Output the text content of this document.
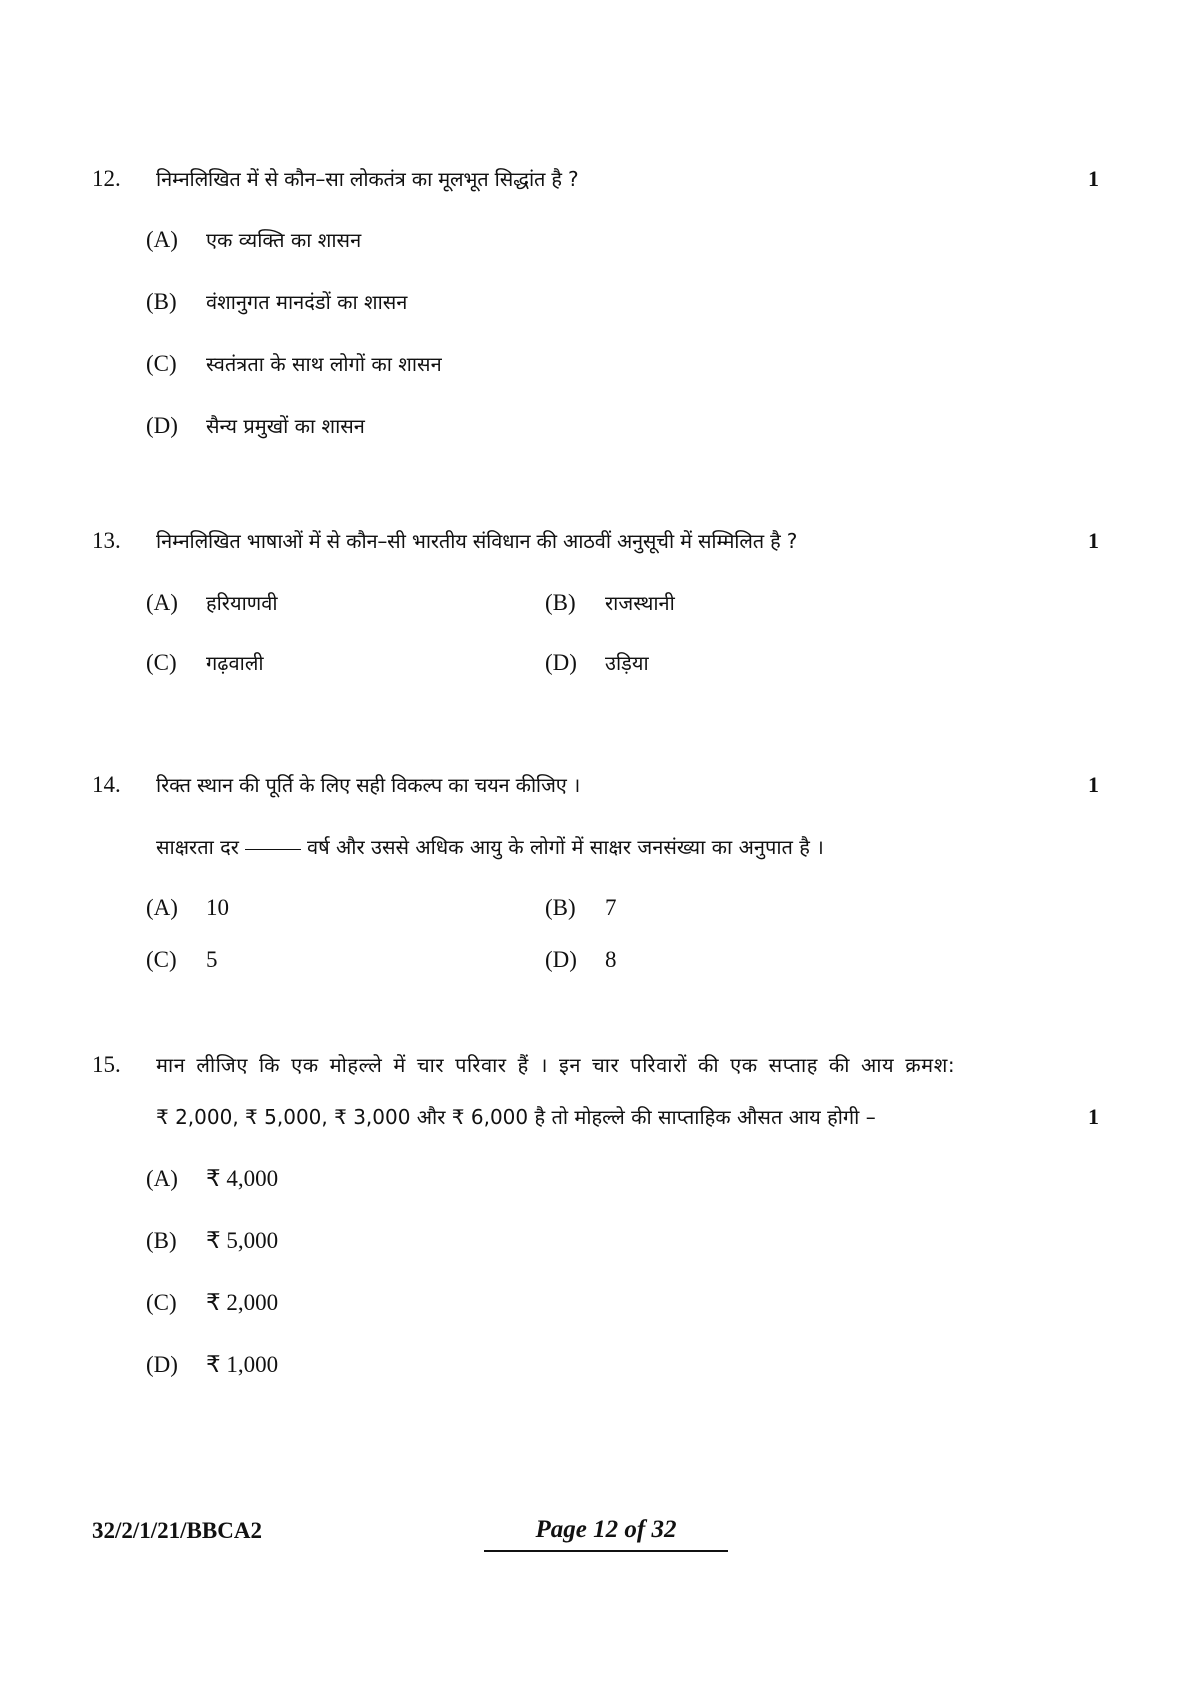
12. निम्नलिखित में से कौन–सा लोकतंत्र का मूलभूत सिद्धांत है ?	1
(A) एक व्यक्ति का शासन
(B) वंशानुगत मानदंडों का शासन
(C) स्वतंत्रता के साथ लोगों का शासन
(D) सैन्य प्रमुखों का शासन
13. निम्नलिखित भाषाओं में से कौन–सी भारतीय संविधान की आठवीं अनुसूची में सम्मिलित है ?	1
(A) हरियाणवी	(B) राजस्थानी
(C) गढ़वाली	(D) उड़िया
14. रिक्त स्थान की पूर्ति के लिए सही विकल्प का चयन कीजिए ।	1
साक्षरता दर	वर्ष और उससे अधिक आयु के लोगों में साक्षर जनसंख्या का अनुपात है ।
(A) 10	(B) 7
(C) 5	(D) 8
15. मान लीजिए कि एक मोहल्ले में चार परिवार हैं । इन चार परिवारों की एक सप्ताह की आय क्रमश:
₹ 2,000, ₹ 5,000, ₹ 3,000 और ₹ 6,000 है तो मोहल्ले की साप्ताहिक औसत आय होगी –	1
(A) ₹ 4,000
(B) ₹ 5,000
(C) ₹ 2,000
(D) ₹ 1,000
32/2/1/21/BBCA2	Page 12 of 32
